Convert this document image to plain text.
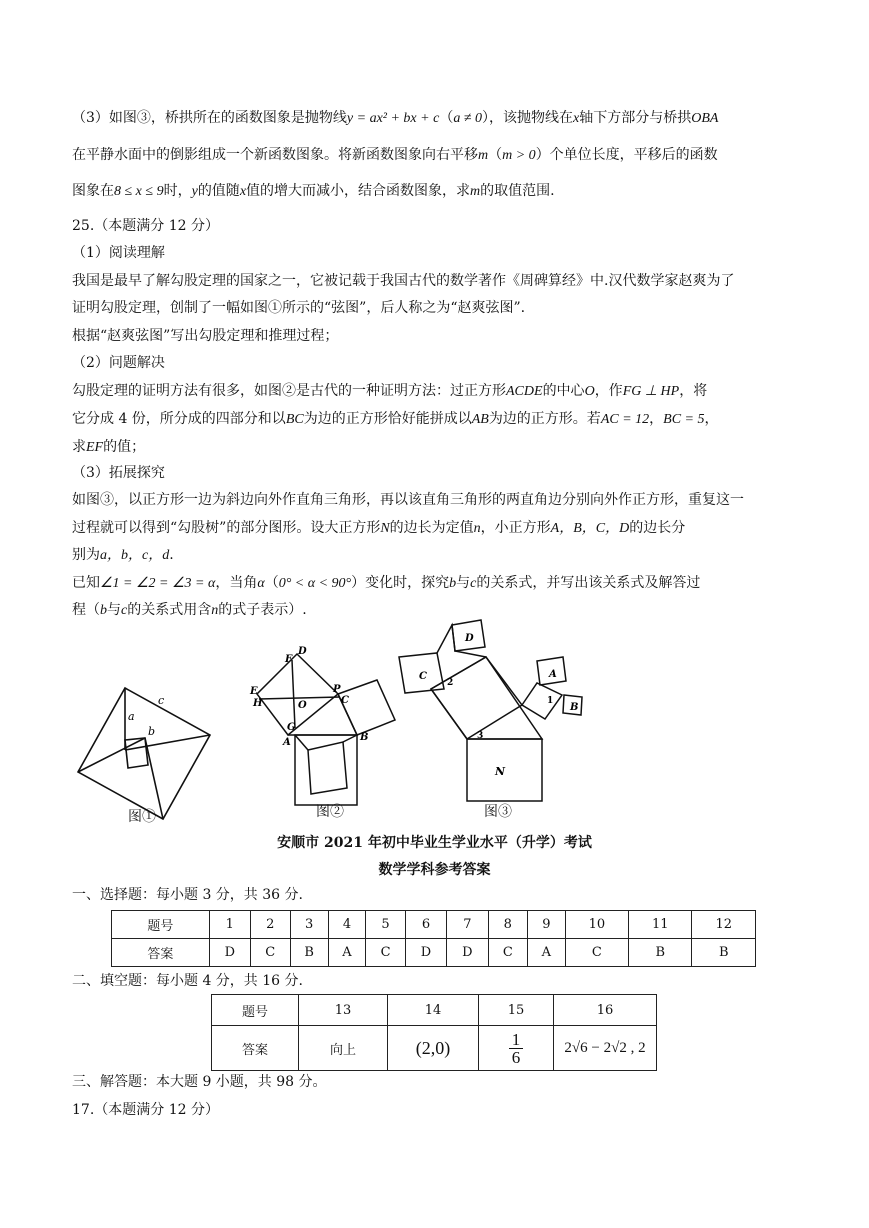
（3）如图③，桥拱所在的函数图象是抛物线y = ax² + bx + c（a ≠ 0），该抛物线在x轴下方部分与桥拱OBA
在平静水面中的倒影组成一个新函数图象。将新函数图象向右平移m（m > 0）个单位长度，平移后的函数
图象在8 ≤ x ≤ 9时，y的值随x值的增大而减小，结合函数图象，求m的取值范围.
25.（本题满分 12 分）
（1）阅读理解
我国是最早了解勾股定理的国家之一，它被记载于我国古代的数学著作《周碑算经》中.汉代数学家赵爽为了
证明勾股定理，创制了一幅如图①所示的“弦图”，后人称之为“赵爽弦图”.
根据“赵爽弦图”写出勾股定理和推理过程；
（2）问题解决
勾股定理的证明方法有很多，如图②是古代的一种证明方法：过正方形ACDE的中心O，作FG ⊥ HP，将
它分成 4 份，所分成的四部分和以BC为边的正方形恰好能拼成以AB为边的正方形。若AC = 12，BC = 5，
求EF的值；
（3）拓展探究
如图③，以正方形一边为斜边向外作直角三角形，再以该直角三角形的两直角边分别向外作正方形，重复这一
过程就可以得到“勾股树”的部分图形。设大正方形N的边长为定值n，小正方形A，B，C，D的边长分
别为a，b，c，d.
已知∠1 = ∠2 = ∠3 = α，当角α（0° < α < 90°）变化时，探究b与c的关系式，并写出该关系式及解答过
程（b与c的关系式用含n的式子表示）.
a
b
c
图①
D
F
E
H	O
P
C
G
A	B
图②
C
D
A
B
N
2
1
3
图③
安顺市 2021 年初中毕业生学业水平（升学）考试
数学学科参考答案
一、选择题：每小题 3 分，共 36 分.
题号	1	2	3	4	5	6	7	8	9	10	11	12
答案	D	C	B	A	C	D	D	C	A	C	B	B
二、填空题：每小题 4 分，共 16 分.
题号	13	14	15	16
答案	向上	(2,0)	$\frac{1}{6}$	2√6 − 2√2 , 2
三、解答题：本大题 9 小题，共 98 分。
17.（本题满分 12 分）
